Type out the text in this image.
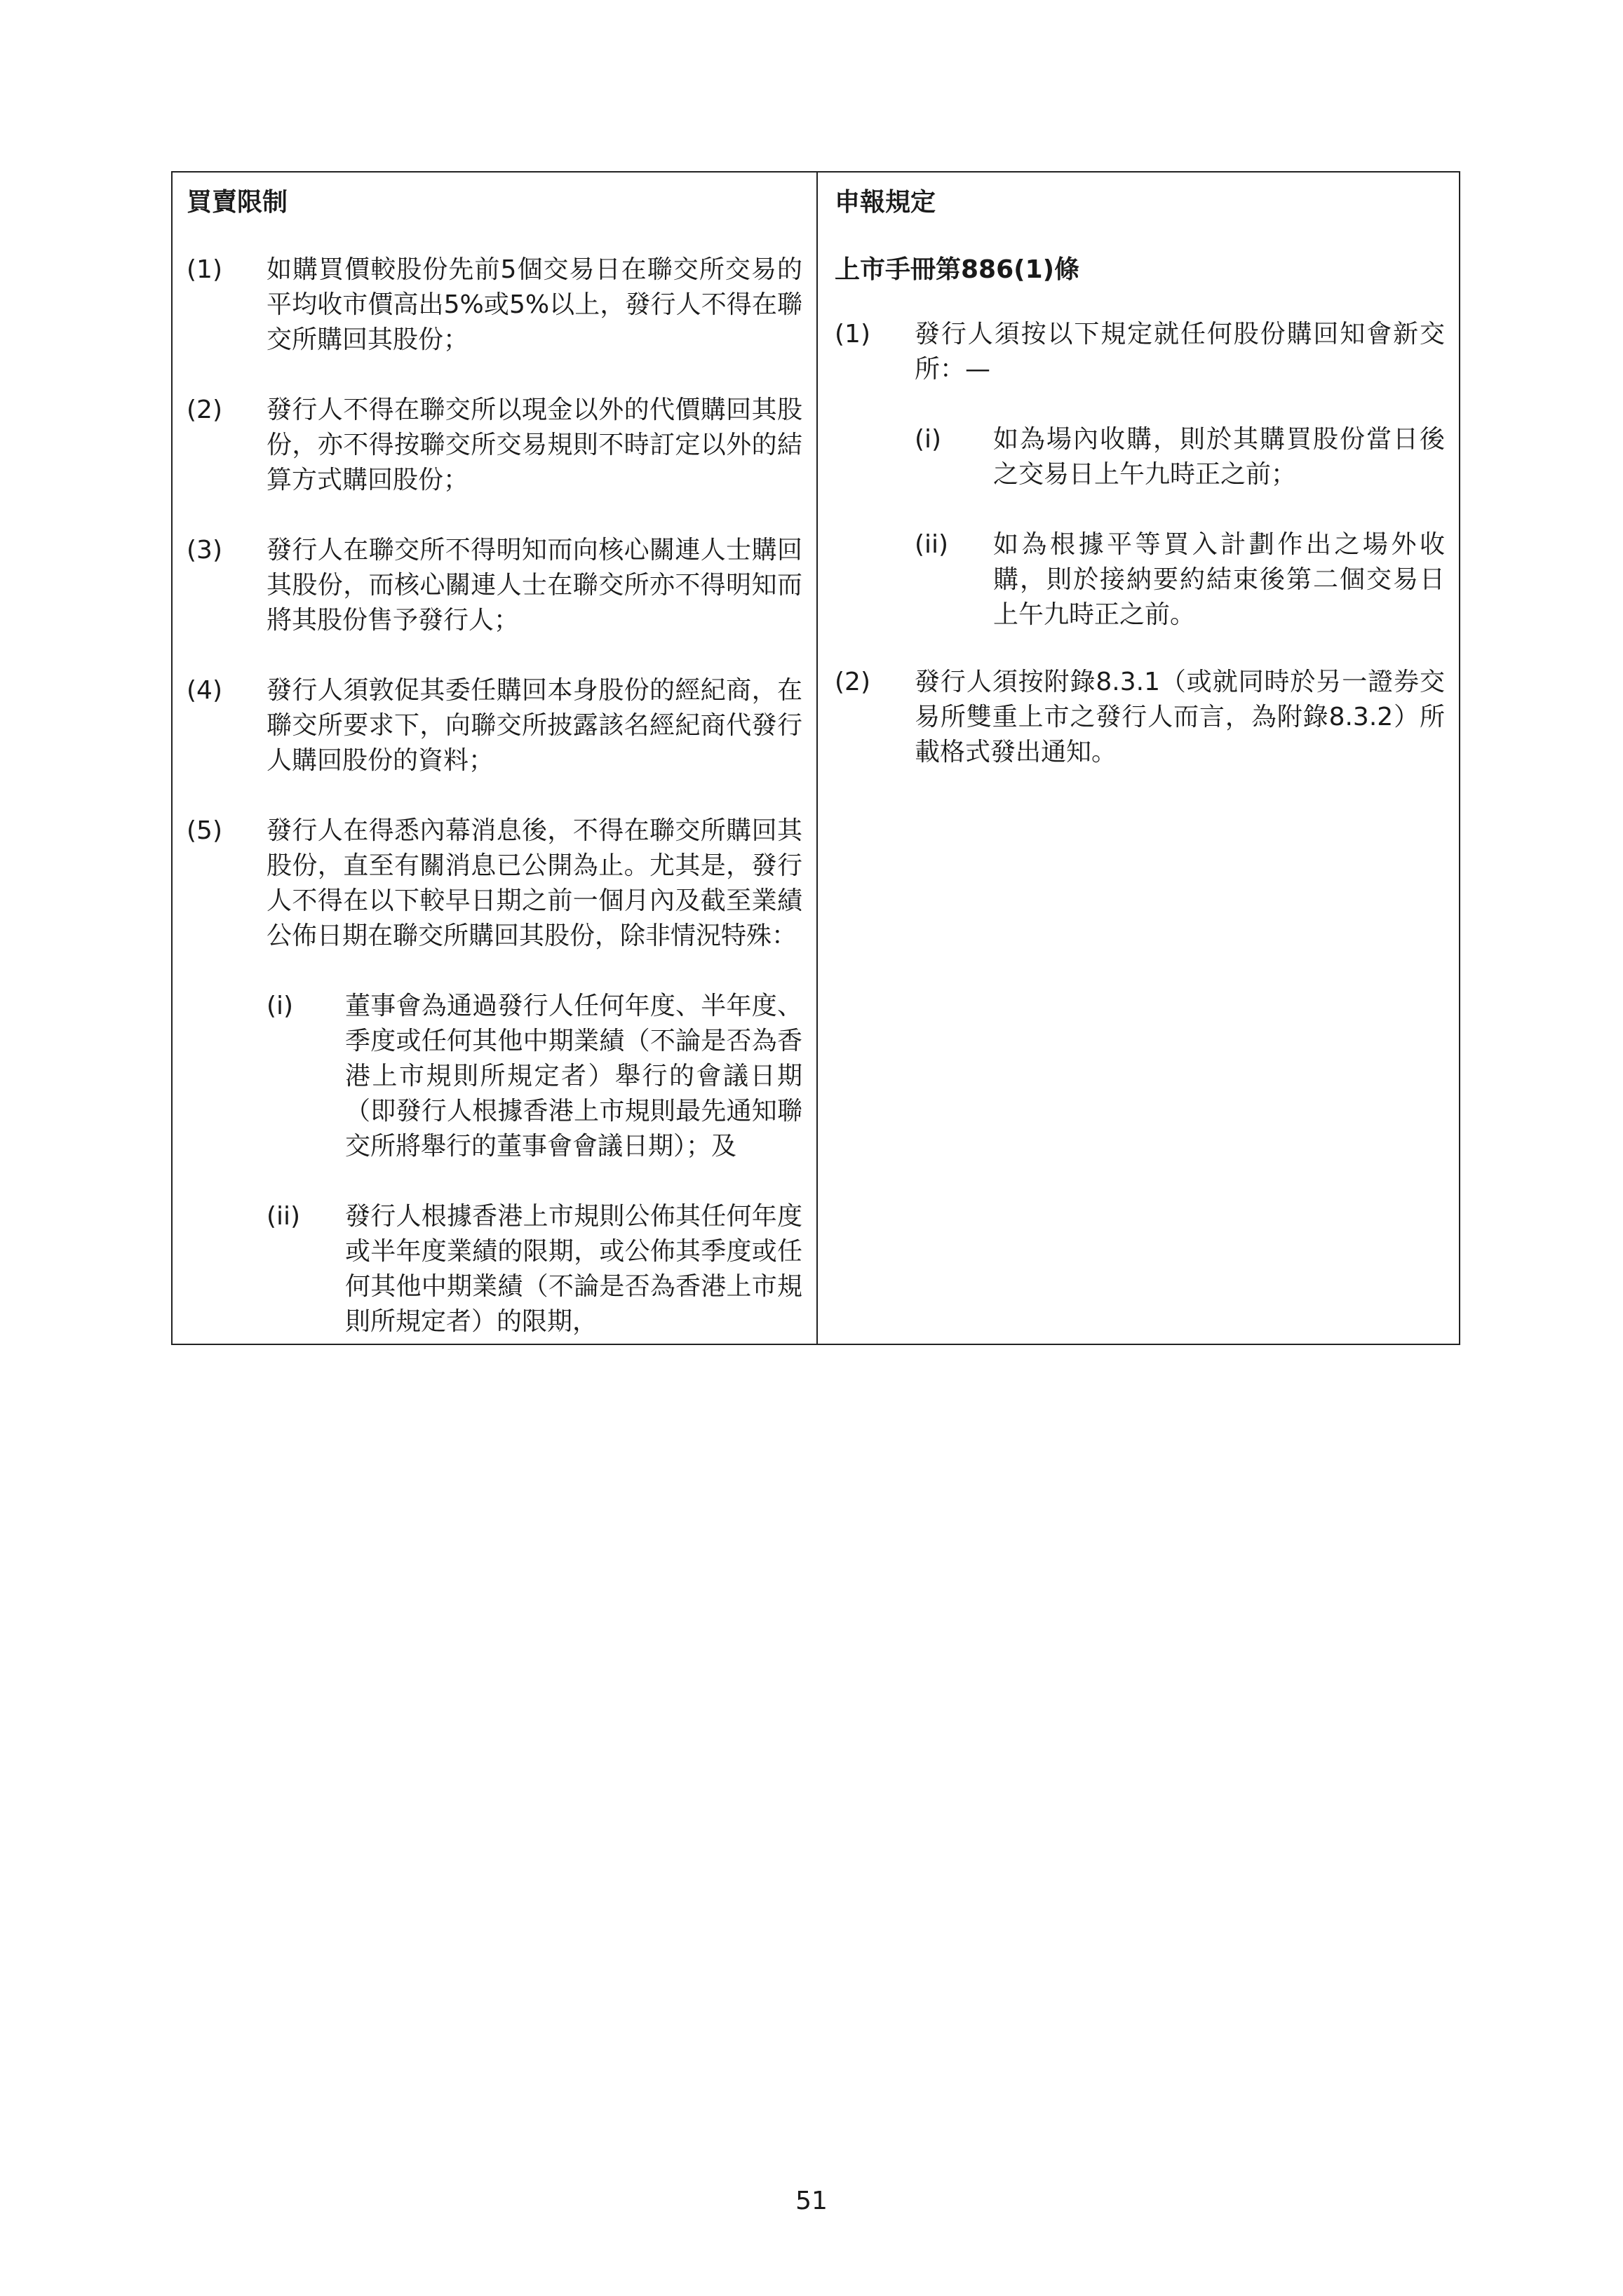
買賣限制
(1)	如購買價較股份先前5個交易日在聯交所交易的平均收市價高出5%或5%以上，發行人不得在聯交所購回其股份；
(2)	發行人不得在聯交所以現金以外的代價購回其股份，亦不得按聯交所交易規則不時訂定以外的結算方式購回股份；
(3)	發行人在聯交所不得明知而向核心關連人士購回其股份，而核心關連人士在聯交所亦不得明知而將其股份售予發行人；
(4)	發行人須敦促其委任購回本身股份的經紀商，在聯交所要求下，向聯交所披露該名經紀商代發行人購回股份的資料；
(5)	發行人在得悉內幕消息後，不得在聯交所購回其股份，直至有關消息已公開為止。尤其是，發行人不得在以下較早日期之前一個月內及截至業績公佈日期在聯交所購回其股份，除非情況特殊：
(i)	董事會為通過發行人任何年度、半年度、季度或任何其他中期業績（不論是否為香港上市規則所規定者）舉行的會議日期（即發行人根據香港上市規則最先通知聯交所將舉行的董事會會議日期）；及
(ii)	發行人根據香港上市規則公佈其任何年度或半年度業績的限期，或公佈其季度或任何其他中期業績（不論是否為香港上市規則所規定者）的限期，
申報規定
上市手冊第886(1)條
(1)	發行人須按以下規定就任何股份購回知會新交所：—
(i)	如為場內收購，則於其購買股份當日後之交易日上午九時正之前；
(ii)	如為根據平等買入計劃作出之場外收購，則於接納要約結束後第二個交易日上午九時正之前。
(2)	發行人須按附錄8.3.1（或就同時於另一證券交易所雙重上市之發行人而言，為附錄8.3.2）所載格式發出通知。
51
